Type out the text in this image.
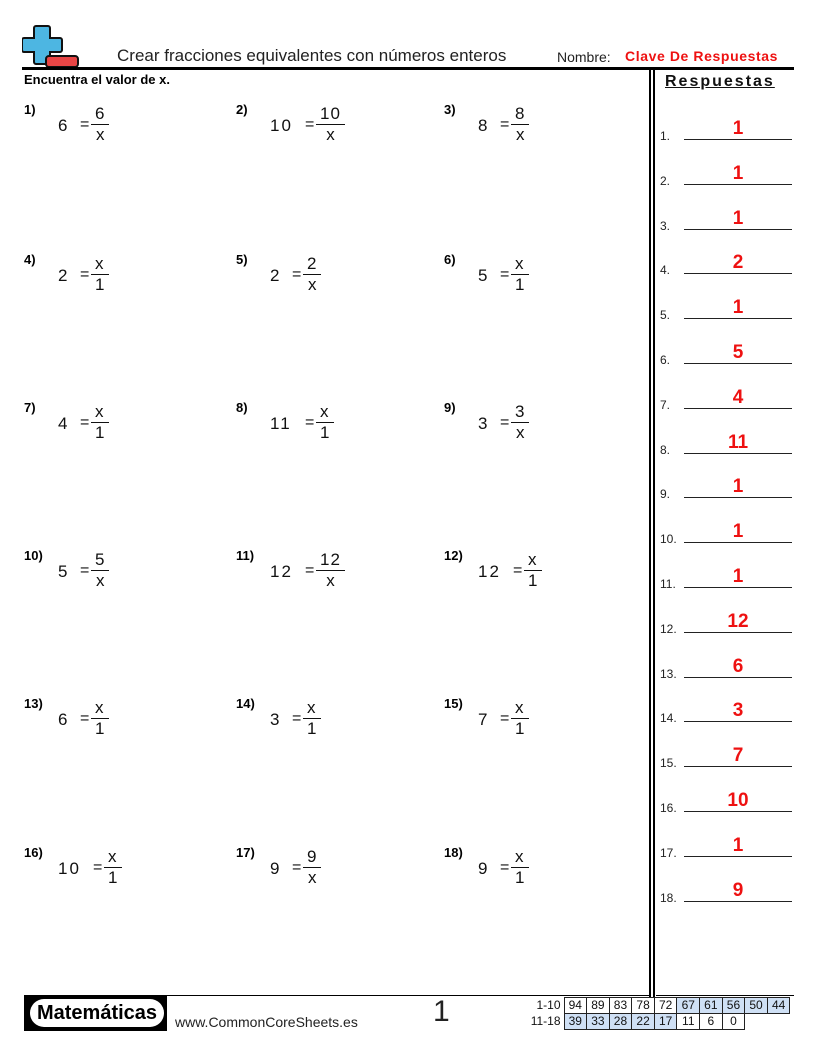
Crear fracciones equivalentes con números enteros	Nombre: Clave De Respuestas
Encuentra el valor de x.	Respuestas
1)
6 =
6
x
2)
10 =
10
x
3)
8 =
8
x
4)
2 =
x
1
5)
2 =
2
x
6)
5 =
x
1
7)
4 =
x
1
8)
11 =
x
1
9)
3 =
3
x
10)
5 =
5
x
11)
12 =
12
x
12)
12 =
x
1
13)
6 =
x
1
14)
3 =
x
1
15)
7 =
x
1
16)
10 =
x
1
17)
9 =
9
x
18)
9 =
x
1
1.	1
2.	1
3.	1
4.	2
5.	1
6.	5
7.	4
8.	11
9.	1
10.	1
11.	1
12.	12
13.	6
14.	3
15.	7
16.	10
17.	1
18.	9
Matemáticas	www.CommonCoreSheets.es	1	1-10	94	89	83	78	72	67	61	56	50	44
11-18	39	33	28	22	17	11	6	0		
